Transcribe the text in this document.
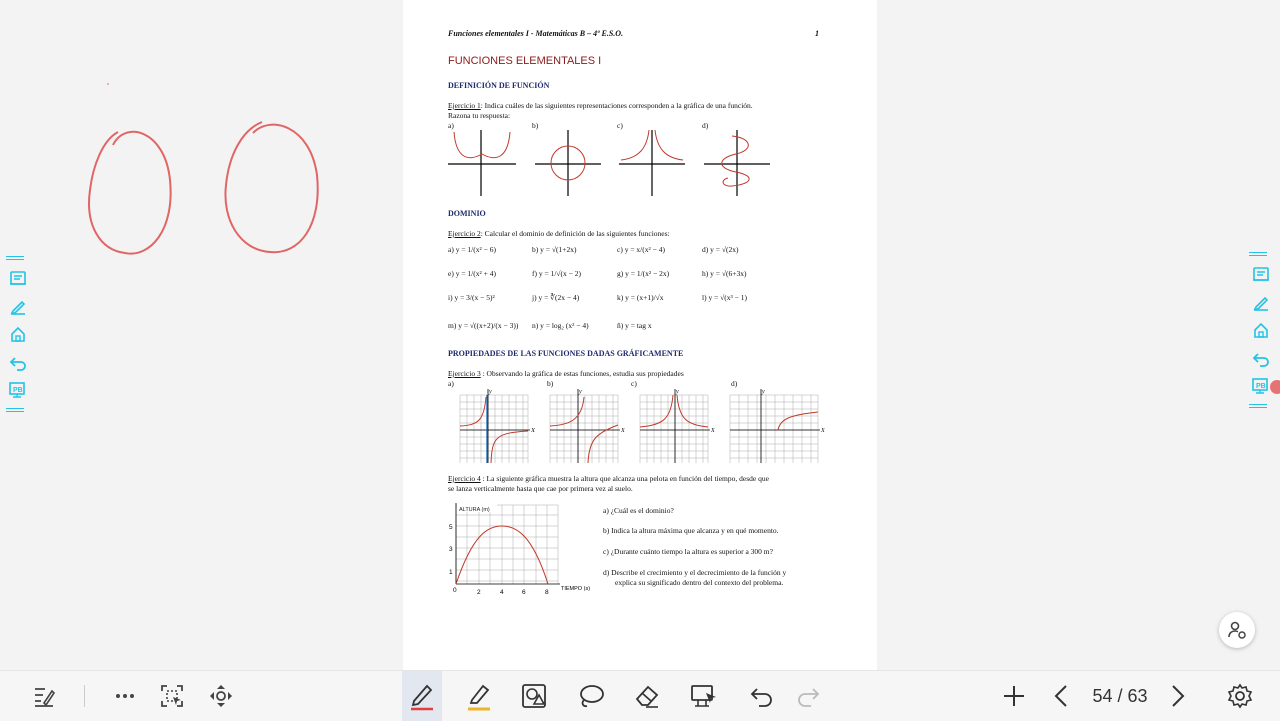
PB
PB
Funciones elementales I - Matemáticas B – 4º E.S.O.	1
FUNCIONES ELEMENTALES I
DEFINICIÓN DE FUNCIÓN
Ejercicio 1: Indica cuáles de las siguientes representaciones corresponden a la gráfica de una función.
Razona tu respuesta:
a)	b)	c)	d)
DOMINIO
Ejercicio 2: Calcular el dominio de definición de las siguientes funciones:
a) y = 1/(x² − 6)	b) y = √(1+2x)	c) y = x/(x² − 4)	d) y = √(2x)
e) y = 1/(x² + 4)	f) y = 1/√(x − 2)	g) y = 1/(x² − 2x)	h) y = √(6+3x)
i) y = 3/(x − 5)²	j) y = ∛(2x − 4)	k) y = (x+1)/√x	l) y = √(x³ − 1)
m) y = √((x+2)/(x − 3)) n) y = log₂ (x² − 4)	ñ) y = tag x
PROPIEDADES DE LAS FUNCIONES DADAS GRÁFICAMENTE
Ejercicio 3 : Observando la gráfica de estas funciones, estudia sus propiedades
a)	b)	c)	d)
X
y
X
y
X
y
X
y
Ejercicio 4 : La siguiente gráfica muestra la altura que alcanza una pelota en función del tiempo, desde que
se lanza verticalmente hasta que cae por primera vez al suelo.
ALTURA (m)
5
3
1
0	2	4	6	8 TIEMPO (s)
a) ¿Cuál es el dominio?
b) Indica la altura máxima que alcanza y en qué momento.
c) ¿Durante cuánto tiempo la altura es superior a 300 m?
d) Describe el crecimiento y el decrecimiento de la función y
explica su significado dentro del contexto del problema.
54 / 63
